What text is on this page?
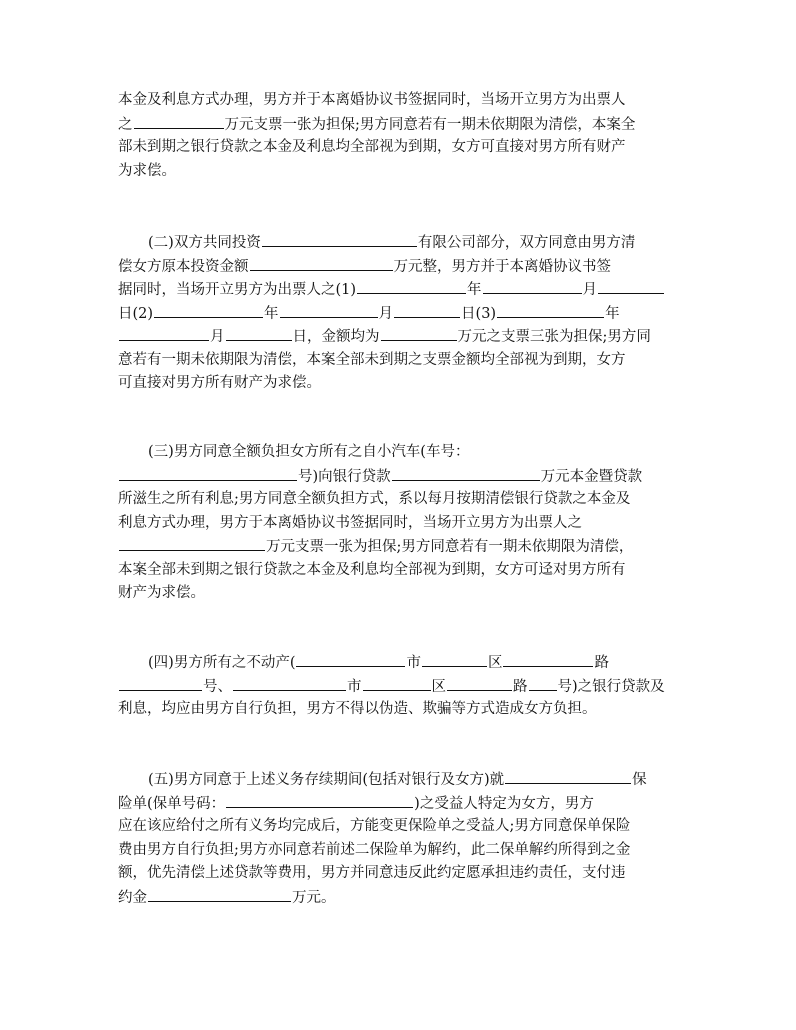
本金及利息方式办理，男方并于本离婚协议书签据同时，当场开立男方为出票人
之	万元支票一张为担保;男方同意若有一期未依期限为清偿，本案全
部未到期之银行贷款之本金及利息均全部视为到期，女方可直接对男方所有财产
为求偿。
(二)双方共同投资	有限公司部分，双方同意由男方清
偿女方原本投资金额	万元整，男方并于本离婚协议书签
据同时，当场开立男方为出票人之(1)	年	月
日(2)	年	月	日(3)	年
月	日，金额均为	万元之支票三张为担保;男方同
意若有一期未依期限为清偿，本案全部未到期之支票金额均全部视为到期，女方
可直接对男方所有财产为求偿。
(三)男方同意全额负担女方所有之自小汽车(车号：
号)向银行贷款	万元本金暨贷款
所滋生之所有利息;男方同意全额负担方式，系以每月按期清偿银行贷款之本金及
利息方式办理，男方于本离婚协议书签据同时，当场开立男方为出票人之
万元支票一张为担保;男方同意若有一期未依期限为清偿，
本案全部未到期之银行贷款之本金及利息均全部视为到期，女方可迳对男方所有
财产为求偿。
(四)男方所有之不动产(	市	区	路
号、	市	区	路 号)之银行贷款及
利息，均应由男方自行负担，男方不得以伪造、欺骗等方式造成女方负担。
(五)男方同意于上述义务存续期间(包括对银行及女方)就	保
险单(保单号码：	)之受益人特定为女方，男方
应在该应给付之所有义务均完成后，方能变更保险单之受益人;男方同意保单保险
费由男方自行负担;男方亦同意若前述二保险单为解约，此二保单解约所得到之金
额，优先清偿上述贷款等费用，男方并同意违反此约定愿承担违约责任，支付违
约金	万元。
